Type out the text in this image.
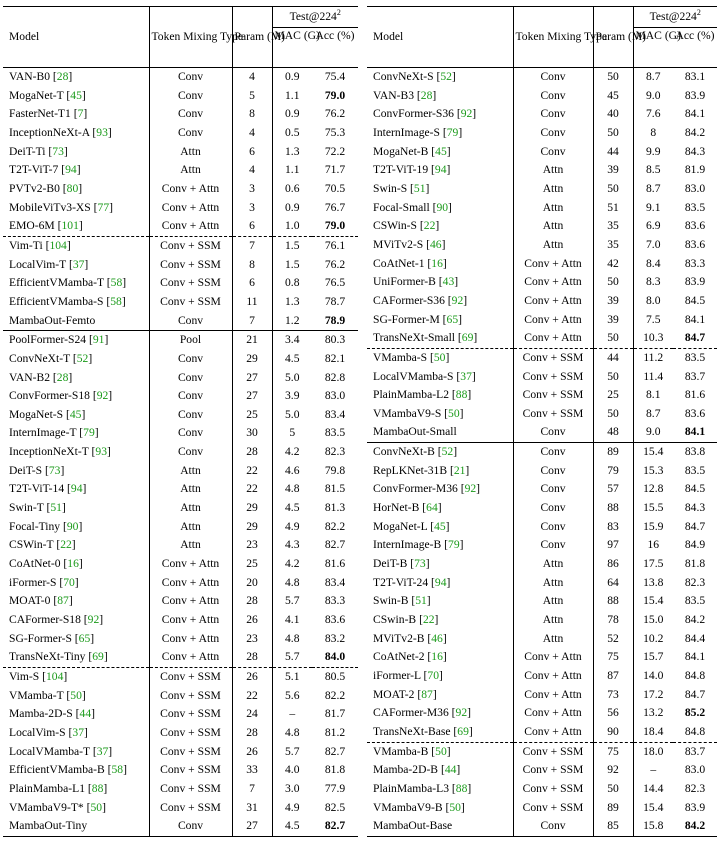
Model	Token Mixing Type	Param (M)	$Test@224^2$
			MAC (G)	Acc (%)
VAN-B0 [28]	Conv	4	0.9	75.4
MogaNet-T [45]	Conv	5	1.1	79.0
FasterNet-T1 [7]	Conv	8	0.9	76.2
InceptionNeXt-A [93]	Conv	4	0.5	75.3
DeiT-Ti [73]	Attn	6	1.3	72.2
T2T-ViT-7 [94]	Attn	4	1.1	71.7
PVTv2-B0 [80]	Conv + Attn	3	0.6	70.5
MobileViTv3-XS [77]	Conv + Attn	3	0.9	76.7
EMO-6M [101]	Conv + Attn	6	1.0	79.0
Vim-Ti [104]	Conv + SSM	7	1.5	76.1
LocalVim-T [37]	Conv + SSM	8	1.5	76.2
EfficientVMamba-T [58]	Conv + SSM	6	0.8	76.5
EfficientVMamba-S [58]	Conv + SSM	11	1.3	78.7
MambaOut-Femto	Conv	7	1.2	78.9
PoolFormer-S24 [91]	Pool	21	3.4	80.3
ConvNeXt-T [52]	Conv	29	4.5	82.1
VAN-B2 [28]	Conv	27	5.0	82.8
ConvFormer-S18 [92]	Conv	27	3.9	83.0
MogaNet-S [45]	Conv	25	5.0	83.4
InternImage-T [79]	Conv	30	5	83.5
InceptionNeXt-T [93]	Conv	28	4.2	82.3
DeiT-S [73]	Attn	22	4.6	79.8
T2T-ViT-14 [94]	Attn	22	4.8	81.5
Swin-T [51]	Attn	29	4.5	81.3
Focal-Tiny [90]	Attn	29	4.9	82.2
CSWin-T [22]	Attn	23	4.3	82.7
CoAtNet-0 [16]	Conv + Attn	25	4.2	81.6
iFormer-S [70]	Conv + Attn	20	4.8	83.4
MOAT-0 [87]	Conv + Attn	28	5.7	83.3
CAFormer-S18 [92]	Conv + Attn	26	4.1	83.6
SG-Former-S [65]	Conv + Attn	23	4.8	83.2
TransNeXt-Tiny [69]	Conv + Attn	28	5.7	84.0
Vim-S [104]	Conv + SSM	26	5.1	80.5
VMamba-T [50]	Conv + SSM	22	5.6	82.2
Mamba-2D-S [44]	Conv + SSM	24	–	81.7
LocalVim-S [37]	Conv + SSM	28	4.8	81.2
LocalVMamba-T [37]	Conv + SSM	26	5.7	82.7
EfficientVMamba-B [58]	Conv + SSM	33	4.0	81.8
PlainMamba-L1 [88]	Conv + SSM	7	3.0	77.9
VMambaV9-T* [50]	Conv + SSM	31	4.9	82.5
MambaOut-Tiny	Conv	27	4.5	82.7
Model	Token Mixing Type	Param (M)	$Test@224^2$
			MAC (G)	Acc (%)
ConvNeXt-S [52]	Conv	50	8.7	83.1
VAN-B3 [28]	Conv	45	9.0	83.9
ConvFormer-S36 [92]	Conv	40	7.6	84.1
InternImage-S [79]	Conv	50	8	84.2
MogaNet-B [45]	Conv	44	9.9	84.3
T2T-ViT-19 [94]	Attn	39	8.5	81.9
Swin-S [51]	Attn	50	8.7	83.0
Focal-Small [90]	Attn	51	9.1	83.5
CSWin-S [22]	Attn	35	6.9	83.6
MViTv2-S [46]	Attn	35	7.0	83.6
CoAtNet-1 [16]	Conv + Attn	42	8.4	83.3
UniFormer-B [43]	Conv + Attn	50	8.3	83.9
CAFormer-S36 [92]	Conv + Attn	39	8.0	84.5
SG-Former-M [65]	Conv + Attn	39	7.5	84.1
TransNeXt-Small [69]	Conv + Attn	50	10.3	84.7
VMamba-S [50]	Conv + SSM	44	11.2	83.5
LocalVMamba-S [37]	Conv + SSM	50	11.4	83.7
PlainMamba-L2 [88]	Conv + SSM	25	8.1	81.6
VMambaV9-S [50]	Conv + SSM	50	8.7	83.6
MambaOut-Small	Conv	48	9.0	84.1
ConvNeXt-B [52]	Conv	89	15.4	83.8
RepLKNet-31B [21]	Conv	79	15.3	83.5
ConvFormer-M36 [92]	Conv	57	12.8	84.5
HorNet-B [64]	Conv	88	15.5	84.3
MogaNet-L [45]	Conv	83	15.9	84.7
InternImage-B [79]	Conv	97	16	84.9
DeiT-B [73]	Attn	86	17.5	81.8
T2T-ViT-24 [94]	Attn	64	13.8	82.3
Swin-B [51]	Attn	88	15.4	83.5
CSwin-B [22]	Attn	78	15.0	84.2
MViTv2-B [46]	Attn	52	10.2	84.4
CoAtNet-2 [16]	Conv + Attn	75	15.7	84.1
iFormer-L [70]	Conv + Attn	87	14.0	84.8
MOAT-2 [87]	Conv + Attn	73	17.2	84.7
CAFormer-M36 [92]	Conv + Attn	56	13.2	85.2
TransNeXt-Base [69]	Conv + Attn	90	18.4	84.8
VMamba-B [50]	Conv + SSM	75	18.0	83.7
Mamba-2D-B [44]	Conv + SSM	92	–	83.0
PlainMamba-L3 [88]	Conv + SSM	50	14.4	82.3
VMambaV9-B [50]	Conv + SSM	89	15.4	83.9
MambaOut-Base	Conv	85	15.8	84.2
